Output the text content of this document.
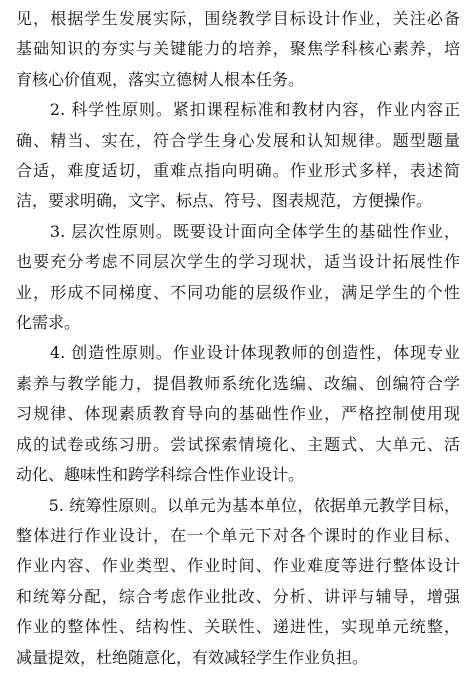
见，根据学生发展实际，围绕教学目标设计作业，关注必备
基础知识的夯实与关键能力的培养，聚焦学科核心素养，培
育核心价值观，落实立德树人根本任务。

　　2. 科学性原则。紧扣课程标准和教材内容，作业内容正
确、精当、实在，符合学生身心发展和认知规律。题型题量
合适，难度适切，重难点指向明确。作业形式多样，表述简
洁，要求明确，文字、标点、符号、图表规范，方便操作。

　　3. 层次性原则。既要设计面向全体学生的基础性作业，
也要充分考虑不同层次学生的学习现状，适当设计拓展性作
业，形成不同梯度、不同功能的层级作业，满足学生的个性
化需求。

　　4. 创造性原则。作业设计体现教师的创造性，体现专业
素养与教学能力，提倡教师系统化选编、改编、创编符合学
习规律、体现素质教育导向的基础性作业，严格控制使用现
成的试卷或练习册。尝试探索情境化、主题式、大单元、活
动化、趣味性和跨学科综合性作业设计。

　　5. 统筹性原则。以单元为基本单位，依据单元教学目标，
整体进行作业设计，在一个单元下对各个课时的作业目标、
作业内容、作业类型、作业时间、作业难度等进行整体设计
和统筹分配，综合考虑作业批改、分析、讲评与辅导，增强
作业的整体性、结构性、关联性、递进性，实现单元统整，
减量提效，杜绝随意化，有效减轻学生作业负担。
